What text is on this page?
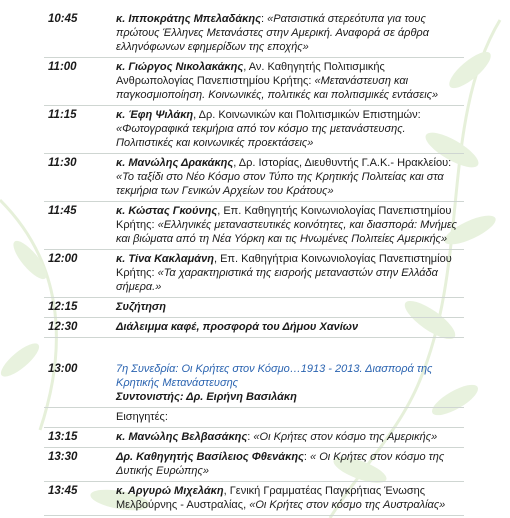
10:45	κ. Ιπποκράτης Μπελαδάκης: «Ρατσιστικά στερεότυπα για τους πρώτους Έλληνες Μετανάστες στην Αμερική. Αναφορά σε άρθρα ελληνόφωνων εφημερίδων της εποχής»
11:00	κ. Γιώργος Νικολακάκης, Αν. Καθηγητής Πολιτισμικής Ανθρωπολογίας Πανεπιστημίου Κρήτης: «Μετανάστευση και παγκοσμιοποίηση. Κοινωνικές, πολιτικές και πολιτισμικές εντάσεις»
11:15	κ. Έφη Ψιλάκη, Δρ. Κοινωνικών και Πολιτισμικών Επιστημών: «Φωτογραφικά τεκμήρια από τον κόσμο της μετανάστευσης. Πολιτιστικές και κοινωνικές προεκτάσεις»
11:30	κ. Μανώλης Δρακάκης, Δρ. Ιστορίας, Διευθυντής Γ.Α.Κ.- Ηρακλείου: «Το ταξίδι στο Νέο Κόσμο στον Τύπο της Κρητικής Πολιτείας και στα τεκμήρια των Γενικών Αρχείων του Κράτους»
11:45	κ. Κώστας Γκούνης, Επ. Καθηγητής Κοινωνιολογίας Πανεπιστημίου Κρήτης: «Ελληνικές μεταναστευτικές κοινότητες, και διασπορά: Μνήμες και βιώματα από τη Νέα Υόρκη και τις Ηνωμένες Πολιτείες Αμερικής»
12:00	κ. Τίνα Κακλαμάνη, Επ. Καθηγήτρια Κοινωνιολογίας Πανεπιστημίου Κρήτης: «Τα χαρακτηριστικά της εισροής μεταναστών στην Ελλάδα σήμερα.»
12:15	Συζήτηση
12:30	Διάλειμμα καφέ, προσφορά του Δήμου Χανίων
13:00	7η Συνεδρία: Οι Κρήτες στον Κόσμο…1913 - 2013. Διασπορά της Κρητικής Μετανάστευσης
Συντονιστής: Δρ. Ειρήνη Βασιλάκη
Εισηγητές:
13:15	κ. Μανώλης Βελβασάκης: «Οι Κρήτες στον κόσμο της Αμερικής»
13:30	Δρ. Καθηγητής Βασίλειος Φθενάκης: « Οι Κρήτες στον κόσμο της Δυτικής Ευρώπης»
13:45	κ. Αργυρώ Μιχελάκη, Γενική Γραμματέας Παγκρήτιας Ένωσης Μελβούρνης - Αυστραλίας, «Οι Κρήτες στον κόσμο της Αυστραλίας»
